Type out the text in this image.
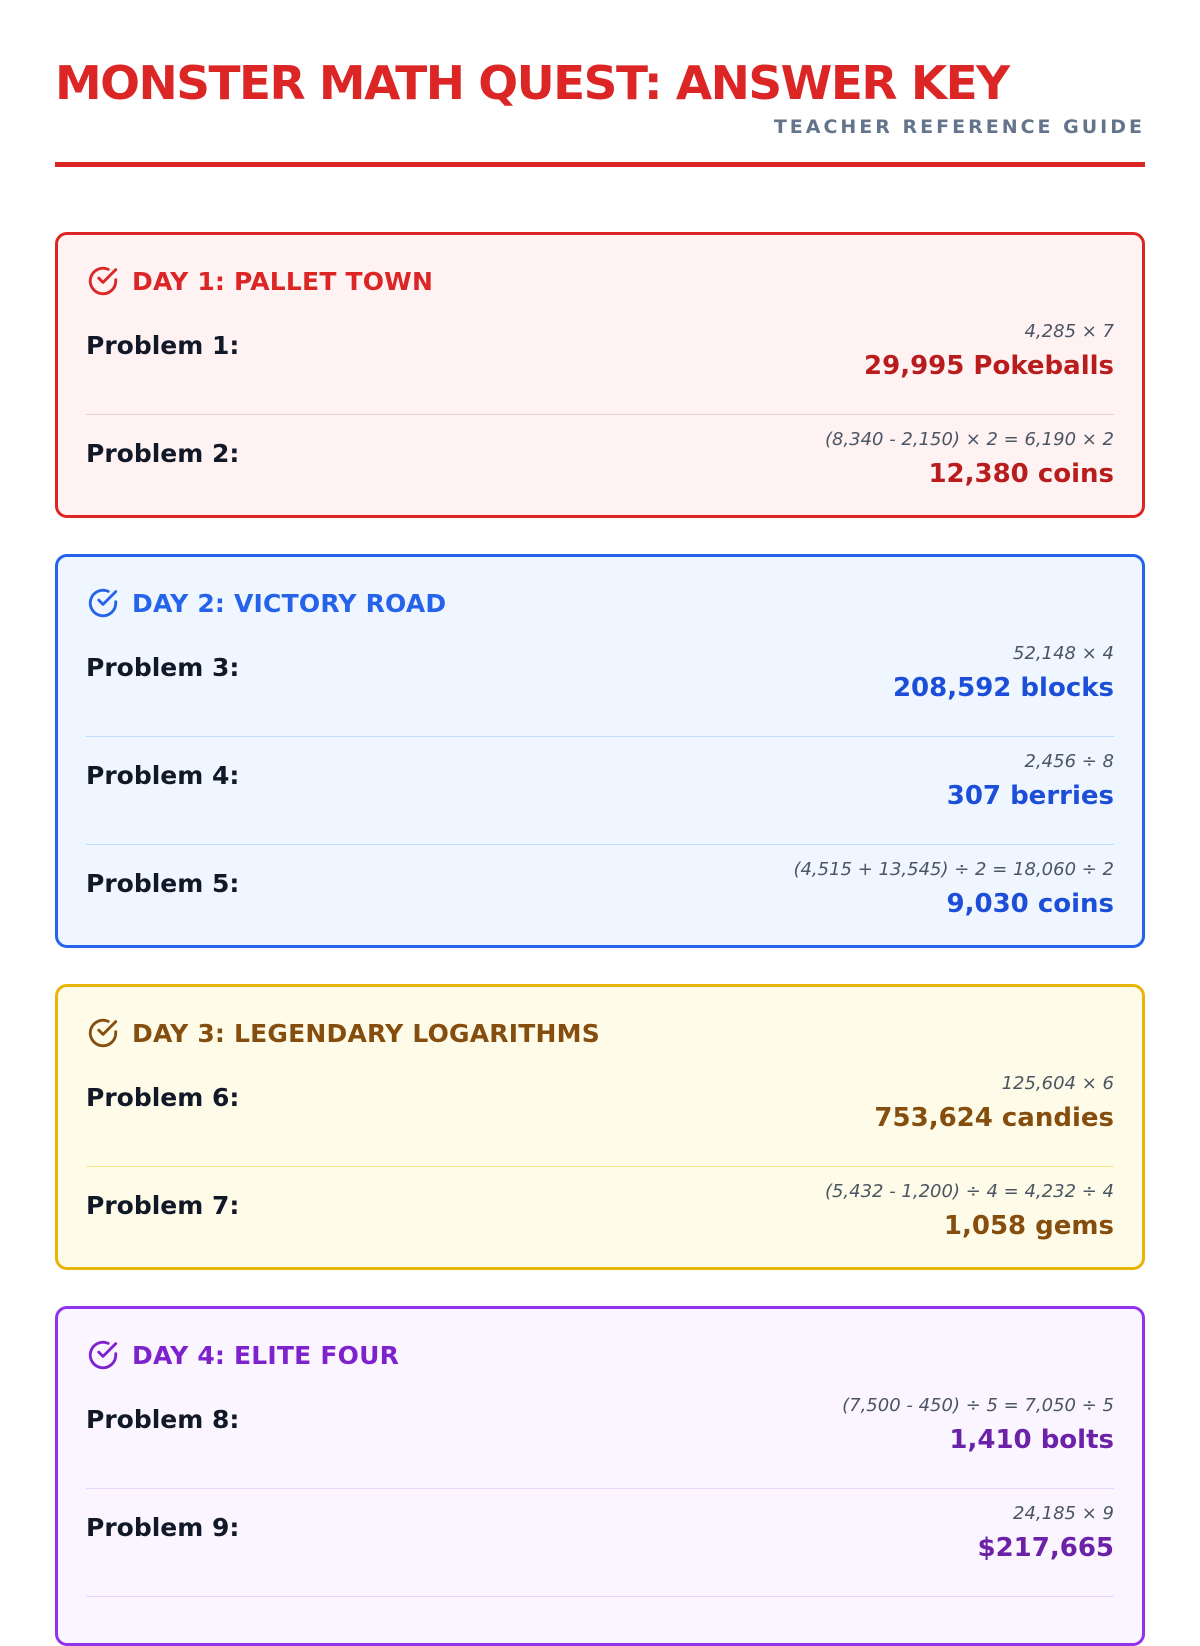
MONSTER MATH QUEST: ANSWER KEY
TEACHER REFERENCE GUIDE
DAY 1: PALLET TOWN
Problem 1:	4,285 × 7
29,995 Pokeballs
Problem 2:	(8,340 - 2,150) × 2 = 6,190 × 2
12,380 coins
DAY 2: VICTORY ROAD
Problem 3:	52,148 × 4
208,592 blocks
Problem 4:	2,456 ÷ 8
307 berries
Problem 5:	(4,515 + 13,545) ÷ 2 = 18,060 ÷ 2
9,030 coins
DAY 3: LEGENDARY LOGARITHMS
Problem 6:	125,604 × 6
753,624 candies
Problem 7:	(5,432 - 1,200) ÷ 4 = 4,232 ÷ 4
1,058 gems
DAY 4: ELITE FOUR
Problem 8:	(7,500 - 450) ÷ 5 = 7,050 ÷ 5
1,410 bolts
Problem 9:	24,185 × 9
$217,665
